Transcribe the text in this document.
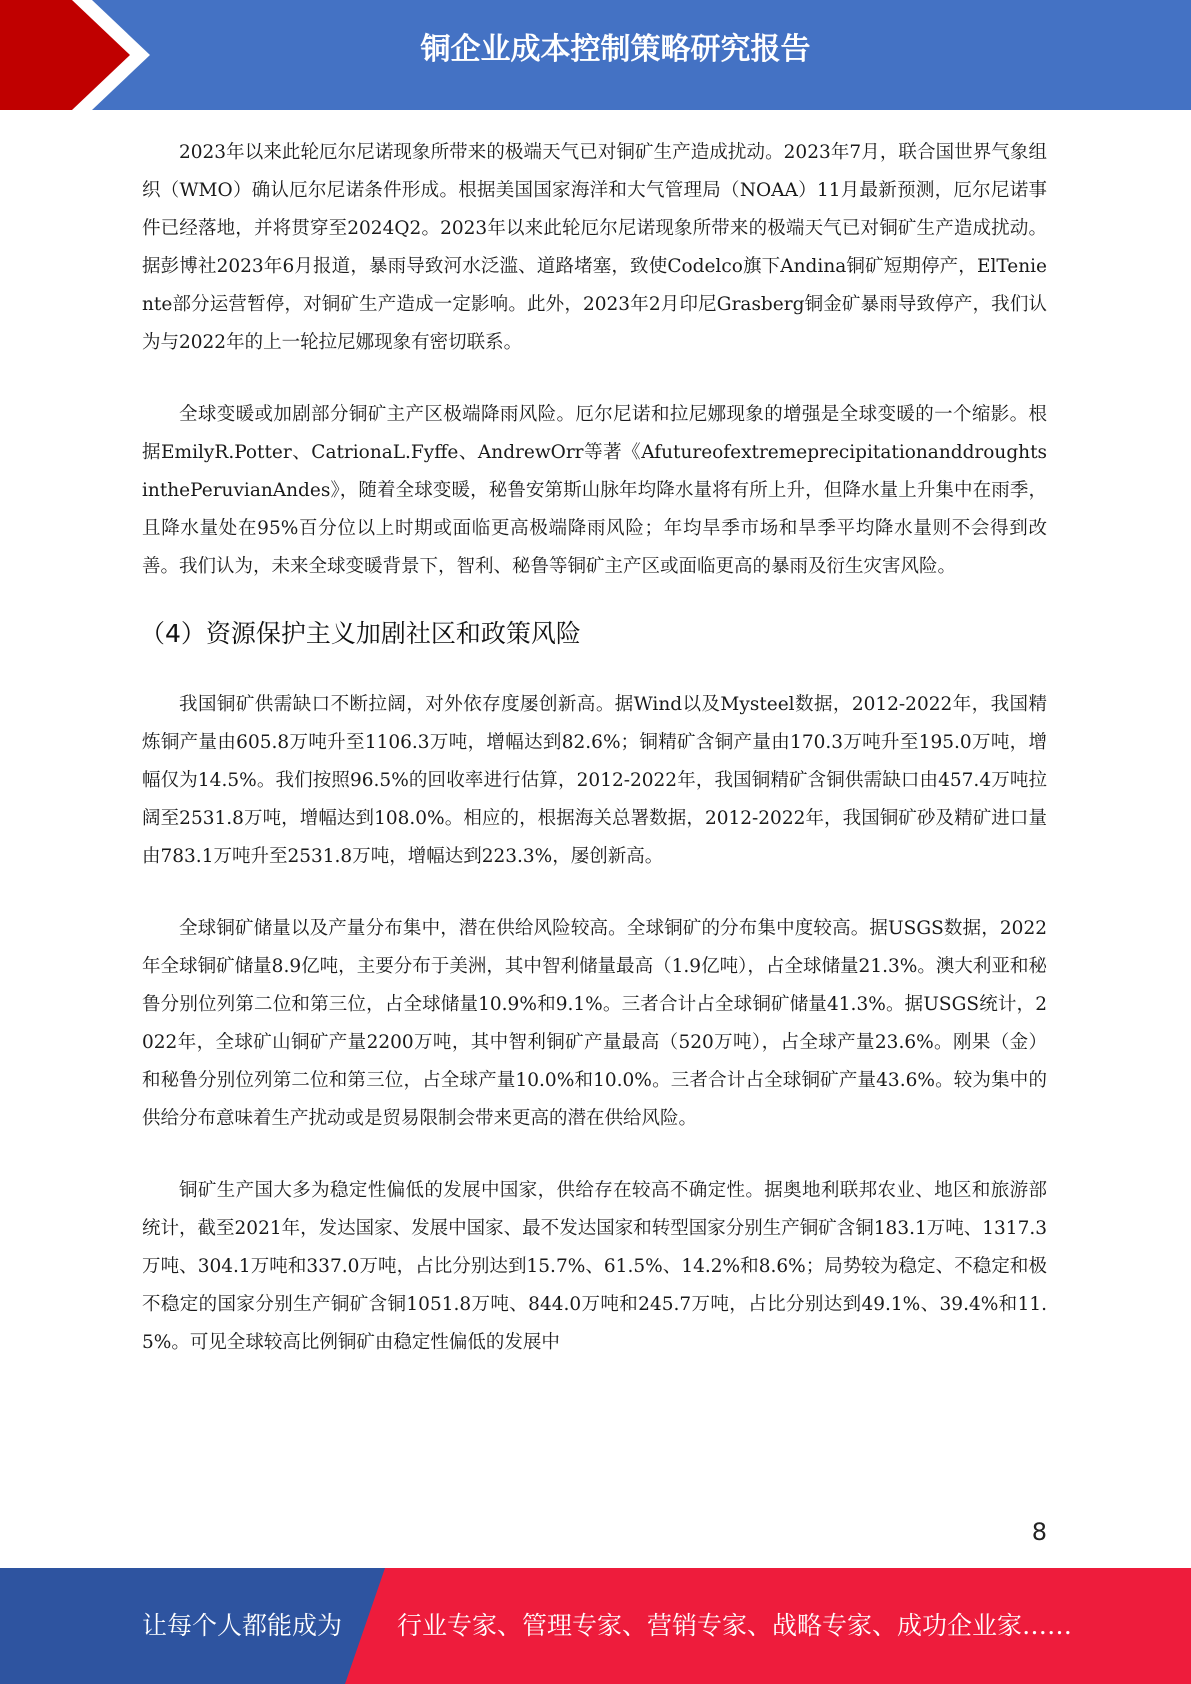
铜企业成本控制策略研究报告

2023年以来此轮厄尔尼诺现象所带来的极端天气已对铜矿生产造成扰动。2023年7月，联合国世界气象组织（WMO）确认厄尔尼诺条件形成。根据美国国家海洋和大气管理局（NOAA）11月最新预测，厄尔尼诺事件已经落地，并将贯穿至2024Q2。2023年以来此轮厄尔尼诺现象所带来的极端天气已对铜矿生产造成扰动。据彭博社2023年6月报道，暴雨导致河水泛滥、道路堵塞，致使Codelco旗下Andina铜矿短期停产，ElTeniente部分运营暂停，对铜矿生产造成一定影响。此外，2023年2月印尼Grasberg铜金矿暴雨导致停产，我们认为与2022年的上一轮拉尼娜现象有密切联系。

全球变暖或加剧部分铜矿主产区极端降雨风险。厄尔尼诺和拉尼娜现象的增强是全球变暖的一个缩影。根据EmilyR.Potter、CatrionaL.Fyffe、AndrewOrr等著《AfutureofextremeprecipitationanddroughtsinthePeruvianAndes》，随着全球变暖，秘鲁安第斯山脉年均降水量将有所上升，但降水量上升集中在雨季，且降水量处在95%百分位以上时期或面临更高极端降雨风险；年均旱季市场和旱季平均降水量则不会得到改善。我们认为，未来全球变暖背景下，智利、秘鲁等铜矿主产区或面临更高的暴雨及衍生灾害风险。

（4）资源保护主义加剧社区和政策风险

我国铜矿供需缺口不断拉阔，对外依存度屡创新高。据Wind以及Mysteel数据，2012-2022年，我国精炼铜产量由605.8万吨升至1106.3万吨，增幅达到82.6%；铜精矿含铜产量由170.3万吨升至195.0万吨，增幅仅为14.5%。我们按照96.5%的回收率进行估算，2012-2022年，我国铜精矿含铜供需缺口由457.4万吨拉阔至2531.8万吨，增幅达到108.0%。相应的，根据海关总署数据，2012-2022年，我国铜矿砂及精矿进口量由783.1万吨升至2531.8万吨，增幅达到223.3%，屡创新高。

全球铜矿储量以及产量分布集中，潜在供给风险较高。全球铜矿的分布集中度较高。据USGS数据，2022年全球铜矿储量8.9亿吨，主要分布于美洲，其中智利储量最高（1.9亿吨），占全球储量21.3%。澳大利亚和秘鲁分别位列第二位和第三位，占全球储量10.9%和9.1%。三者合计占全球铜矿储量41.3%。据USGS统计，2022年，全球矿山铜矿产量2200万吨，其中智利铜矿产量最高（520万吨），占全球产量23.6%。刚果（金）和秘鲁分别位列第二位和第三位，占全球产量10.0%和10.0%。三者合计占全球铜矿产量43.6%。较为集中的供给分布意味着生产扰动或是贸易限制会带来更高的潜在供给风险。

铜矿生产国大多为稳定性偏低的发展中国家，供给存在较高不确定性。据奥地利联邦农业、地区和旅游部统计，截至2021年，发达国家、发展中国家、最不发达国家和转型国家分别生产铜矿含铜183.1万吨、1317.3万吨、304.1万吨和337.0万吨，占比分别达到15.7%、61.5%、14.2%和8.6%；局势较为稳定、不稳定和极不稳定的国家分别生产铜矿含铜1051.8万吨、844.0万吨和245.7万吨，占比分别达到49.1%、39.4%和11.5%。可见全球较高比例铜矿由稳定性偏低的发展中

8
让每个人都能成为 行业专家、管理专家、营销专家、战略专家、成功企业家……
